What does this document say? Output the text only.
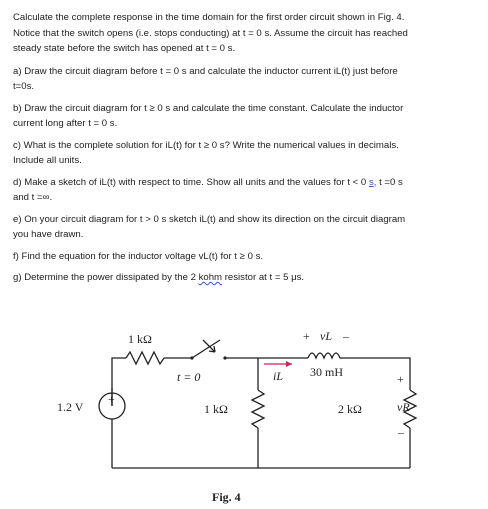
Calculate the complete response in the time domain for the first order circuit shown in Fig. 4.
Notice that the switch opens (i.e. stops conducting) at t = 0 s. Assume the circuit has reached
steady state before the switch has opened at t = 0 s.

a) Draw the circuit diagram before t = 0 s and calculate the inductor current iL(t) just before
t=0s.

b) Draw the circuit diagram for t ≥ 0 s and calculate the time constant. Calculate the inductor
current long after t = 0 s.

c) What is the complete solution for iL(t) for t ≥ 0 s? Write the numerical values in decimals.
Include all units.

d) Make a sketch of iL(t) with respect to time. Show all units and the values for t < 0 s, t =0 s
and t =∞.

e) On your circuit diagram for t > 0 s sketch iL(t) and show its direction on the circuit diagram
you have drawn.

f) Find the equation for the inductor voltage vL(t) for t ≥ 0 s.

g) Determine the power dissipated by the 2 kohm resistor at t = 5 μs.

1 kΩ
t = 0
1.2 V
+
1 kΩ
iL
+ vL –
30 mH
2 kΩ
+
vR
–
Fig. 4
